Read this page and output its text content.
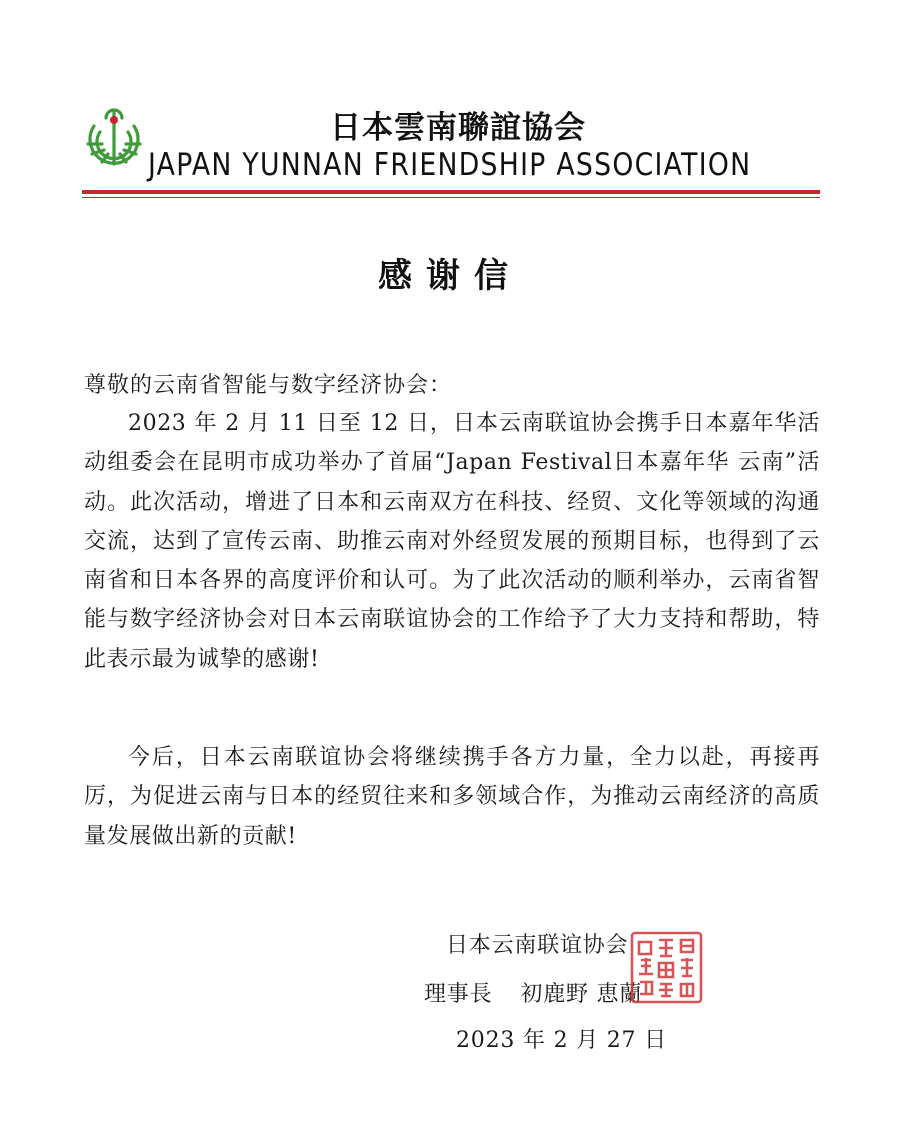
日本雲南聯誼協会
JAPAN YUNNAN FRIENDSHIP ASSOCIATION
感谢信
尊敬的云南省智能与数字经济协会：

2023 年 2 月 11 日至 12 日，日本云南联谊协会携手日本嘉年华活动组委会在昆明市成功举办了首届“Japan Festival日本嘉年华 云南”活动。此次活动，增进了日本和云南双方在科技、经贸、文化等领域的沟通交流，达到了宣传云南、助推云南对外经贸发展的预期目标，也得到了云南省和日本各界的高度评价和认可。为了此次活动的顺利举办，云南省智能与数字经济协会对日本云南联谊协会的工作给予了大力支持和帮助，特此表示最为诚挚的感谢!

今后，日本云南联谊协会将继续携手各方力量，全力以赴，再接再厉，为促进云南与日本的经贸往来和多领域合作，为推动云南经济的高质量发展做出新的贡献!

日本云南联谊协会
理事長 初鹿野 恵蘭
2023 年 2 月 27 日
